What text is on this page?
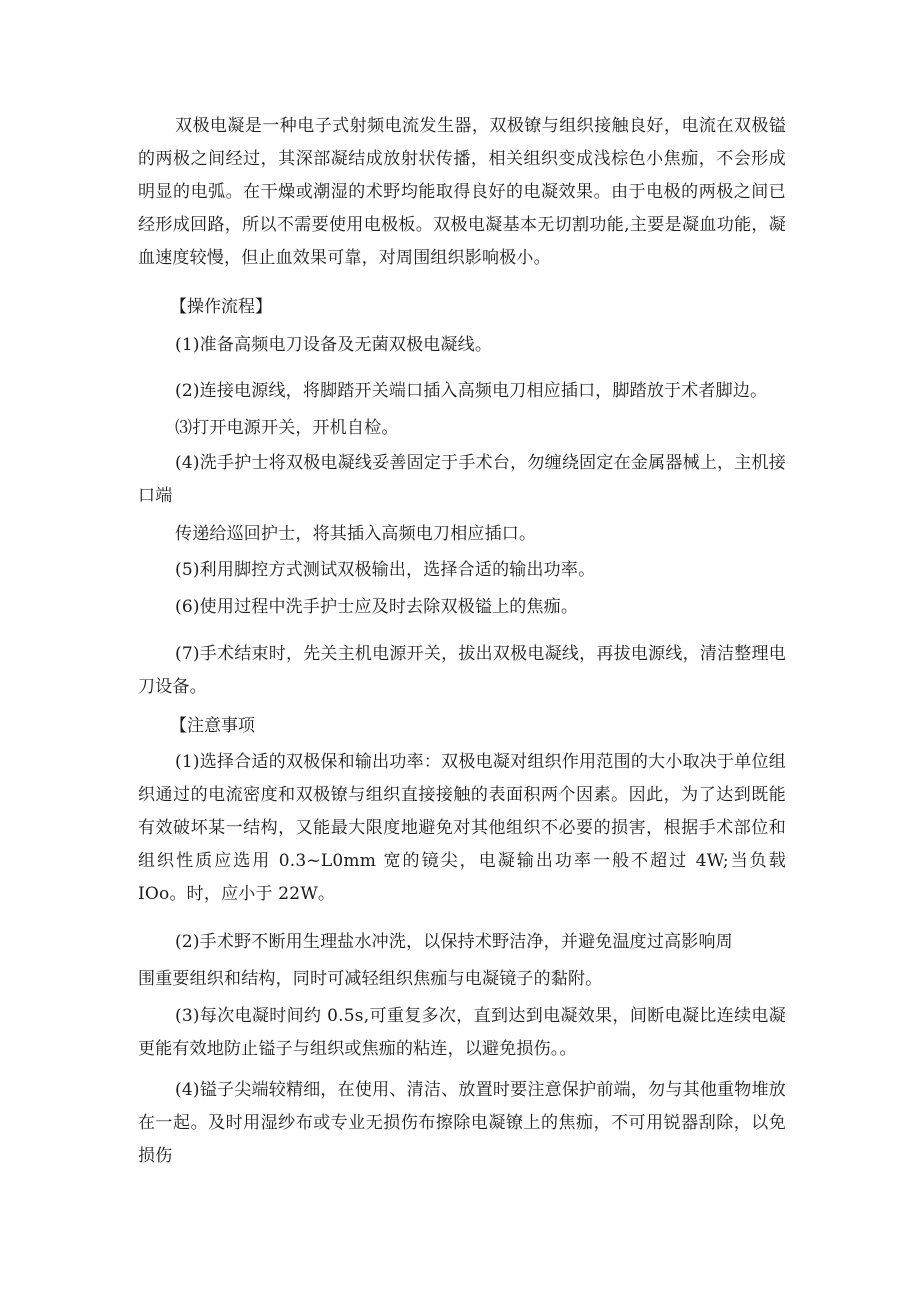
双极电凝是一种电子式射频电流发生器，双极镣与组织接触良好，电流在双极镒的两极之间经过，其深部凝结成放射状传播，相关组织变成浅棕色小焦痂，不会形成明显的电弧。在干燥或潮湿的术野均能取得良好的电凝效果。由于电极的两极之间已经形成回路，所以不需要使用电极板。双极电凝基本无切割功能,主要是凝血功能，凝血速度较慢，但止血效果可靠，对周围组织影响极小。

【操作流程】

(1)准备高频电刀设备及无菌双极电凝线。

(2)连接电源线，将脚踏开关端口插入高频电刀相应插口，脚踏放于术者脚边。

⑶打开电源开关，开机自检。

(4)洗手护士将双极电凝线妥善固定于手术台，勿缠绕固定在金属器械上，主机接口端

传递给巡回护士，将其插入高频电刀相应插口。

(5)利用脚控方式测试双极输出，选择合适的输出功率。

(6)使用过程中洗手护士应及时去除双极镒上的焦痂。

(7)手术结束时，先关主机电源开关，拔出双极电凝线，再拔电源线，清洁整理电刀设备。

【注意事项

(1)选择合适的双极保和输出功率：双极电凝对组织作用范围的大小取决于单位组织通过的电流密度和双极镣与组织直接接触的表面积两个因素。因此，为了达到既能有效破坏某一结构，又能最大限度地避免对其他组织不必要的损害，根据手术部位和组织性质应选用 0.3~L0mm 宽的镜尖，电凝输出功率一般不超过 4W;当负载 IOo。时，应小于 22W。

(2)手术野不断用生理盐水冲洗，以保持术野洁净，并避免温度过高影响周

围重要组织和结构，同时可减轻组织焦痂与电凝镜子的黏附。

(3)每次电凝时间约 0.5s,可重复多次，直到达到电凝效果，间断电凝比连续电凝更能有效地防止镒子与组织或焦痂的粘连，以避免损伤。。

(4)镒子尖端较精细，在使用、清洁、放置时要注意保护前端，勿与其他重物堆放在一起。及时用湿纱布或专业无损伤布擦除电凝镣上的焦痂，不可用锐器刮除，以免损伤
